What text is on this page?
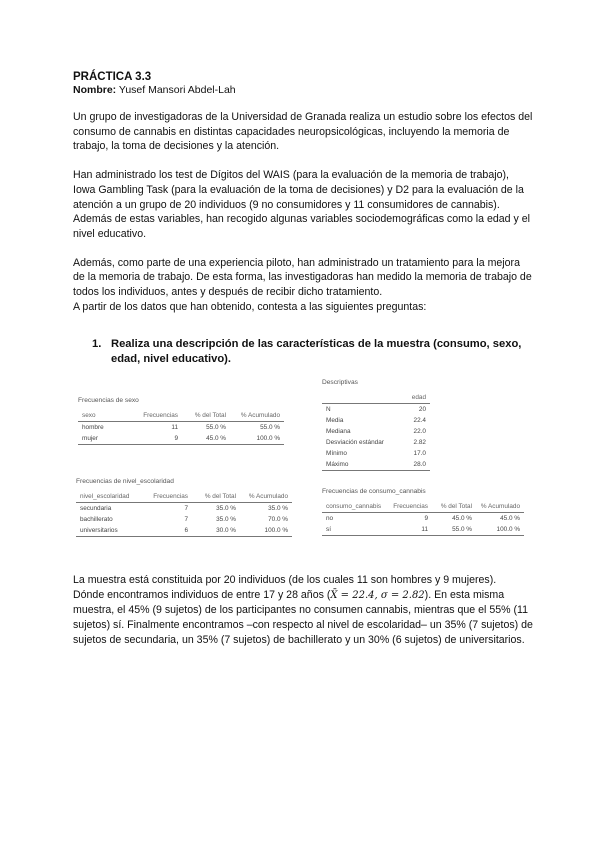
PRÁCTICA 3.3

Nombre: Yusef Mansori Abdel-Lah

Un grupo de investigadoras de la Universidad de Granada realiza un estudio sobre los efectos del consumo de cannabis en distintas capacidades neuropsicológicas, incluyendo la memoria de trabajo, la toma de decisiones y la atención.

Han administrado los test de Dígitos del WAIS (para la evaluación de la memoria de trabajo), Iowa Gambling Task (para la evaluación de la toma de decisiones) y D2 para la evaluación de la atención a un grupo de 20 individuos (9 no consumidores y 11 consumidores de cannabis). Además de estas variables, han recogido algunas variables sociodemográficas como la edad y el nivel educativo.

Además, como parte de una experiencia piloto, han administrado un tratamiento para la mejora de la memoria de trabajo. De esta forma, las investigadoras han medido la memoria de trabajo de todos los individuos, antes y después de recibir dicho tratamiento.

A partir de los datos que han obtenido, contesta a las siguientes preguntas:

1. Realiza una descripción de las características de la muestra (consumo, sexo, edad, nivel educativo).
Frecuencias de sexo
sexo	Frecuencias	% del Total	% Acumulado
hombre	11	55.0 %	55.0 %
mujer	9	45.0 %	100.0 %
Frecuencias de nivel_escolaridad
nivel_escolaridad	Frecuencias	% del Total	% Acumulado
secundaria	7	35.0 %	35.0 %
bachillerato	7	35.0 %	70.0 %
universitarios	6	30.0 %	100.0 %
Descriptivas
	edad
N	20
Media	22.4
Mediana	22.0
Desviación estándar	2.82
Mínimo	17.0
Máximo	28.0
Frecuencias de consumo_cannabis
consumo_cannabis	Frecuencias	% del Total	% Acumulado
no	9	45.0 %	45.0 %
sí	11	55.0 %	100.0 %
La muestra está constituida por 20 individuos (de los cuales 11 son hombres y 9 mujeres).
Dónde encontramos individuos de entre 17 y 28 años (X̄ = 22.4, σ = 2.82). En esta misma muestra, el 45% (9 sujetos) de los participantes no consumen cannabis, mientras que el 55% (11 sujetos) sí. Finalmente encontramos –con respecto al nivel de escolaridad– un 35% (7 sujetos) de sujetos de secundaria, un 35% (7 sujetos) de bachillerato y un 30% (6 sujetos) de universitarios.
